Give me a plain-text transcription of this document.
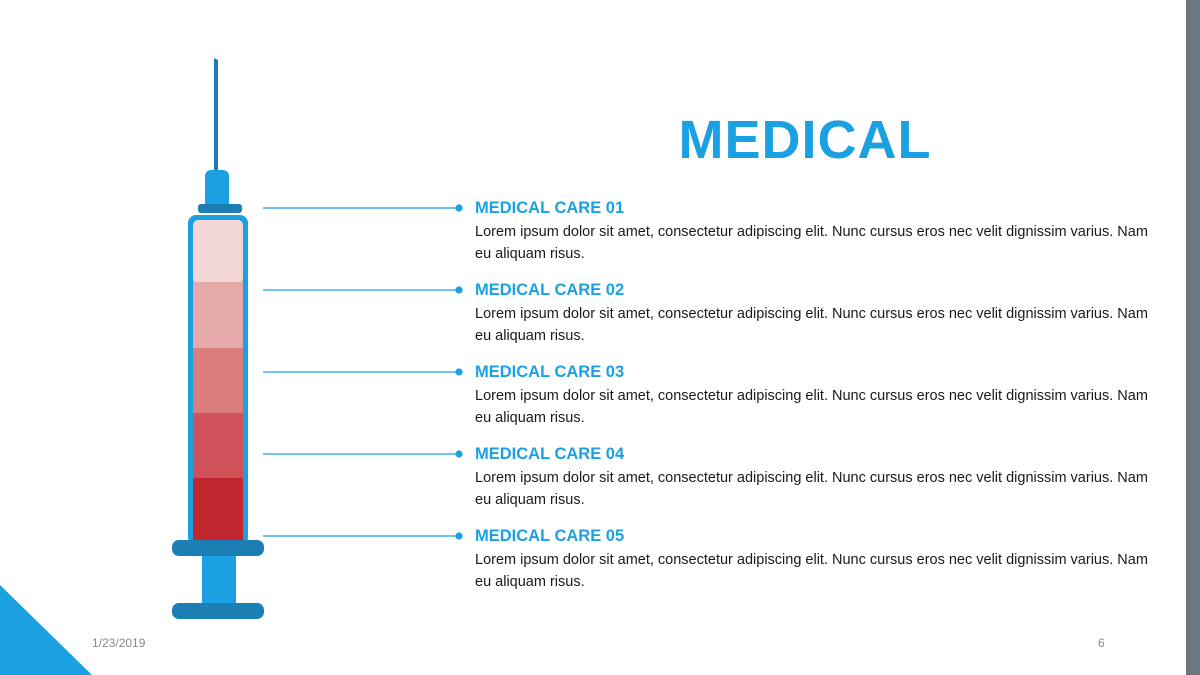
MEDICAL
MEDICAL CARE 01
Lorem ipsum dolor sit amet, consectetur adipiscing elit. Nunc cursus eros nec velit dignissim varius. Nam eu aliquam risus.
MEDICAL CARE 02
Lorem ipsum dolor sit amet, consectetur adipiscing elit. Nunc cursus eros nec velit dignissim varius. Nam eu aliquam risus.
MEDICAL CARE 03
Lorem ipsum dolor sit amet, consectetur adipiscing elit. Nunc cursus eros nec velit dignissim varius. Nam eu aliquam risus.
MEDICAL CARE 04
Lorem ipsum dolor sit amet, consectetur adipiscing elit. Nunc cursus eros nec velit dignissim varius. Nam eu aliquam risus.
MEDICAL CARE 05
Lorem ipsum dolor sit amet, consectetur adipiscing elit. Nunc cursus eros nec velit dignissim varius. Nam eu aliquam risus.
1/23/2019	6
